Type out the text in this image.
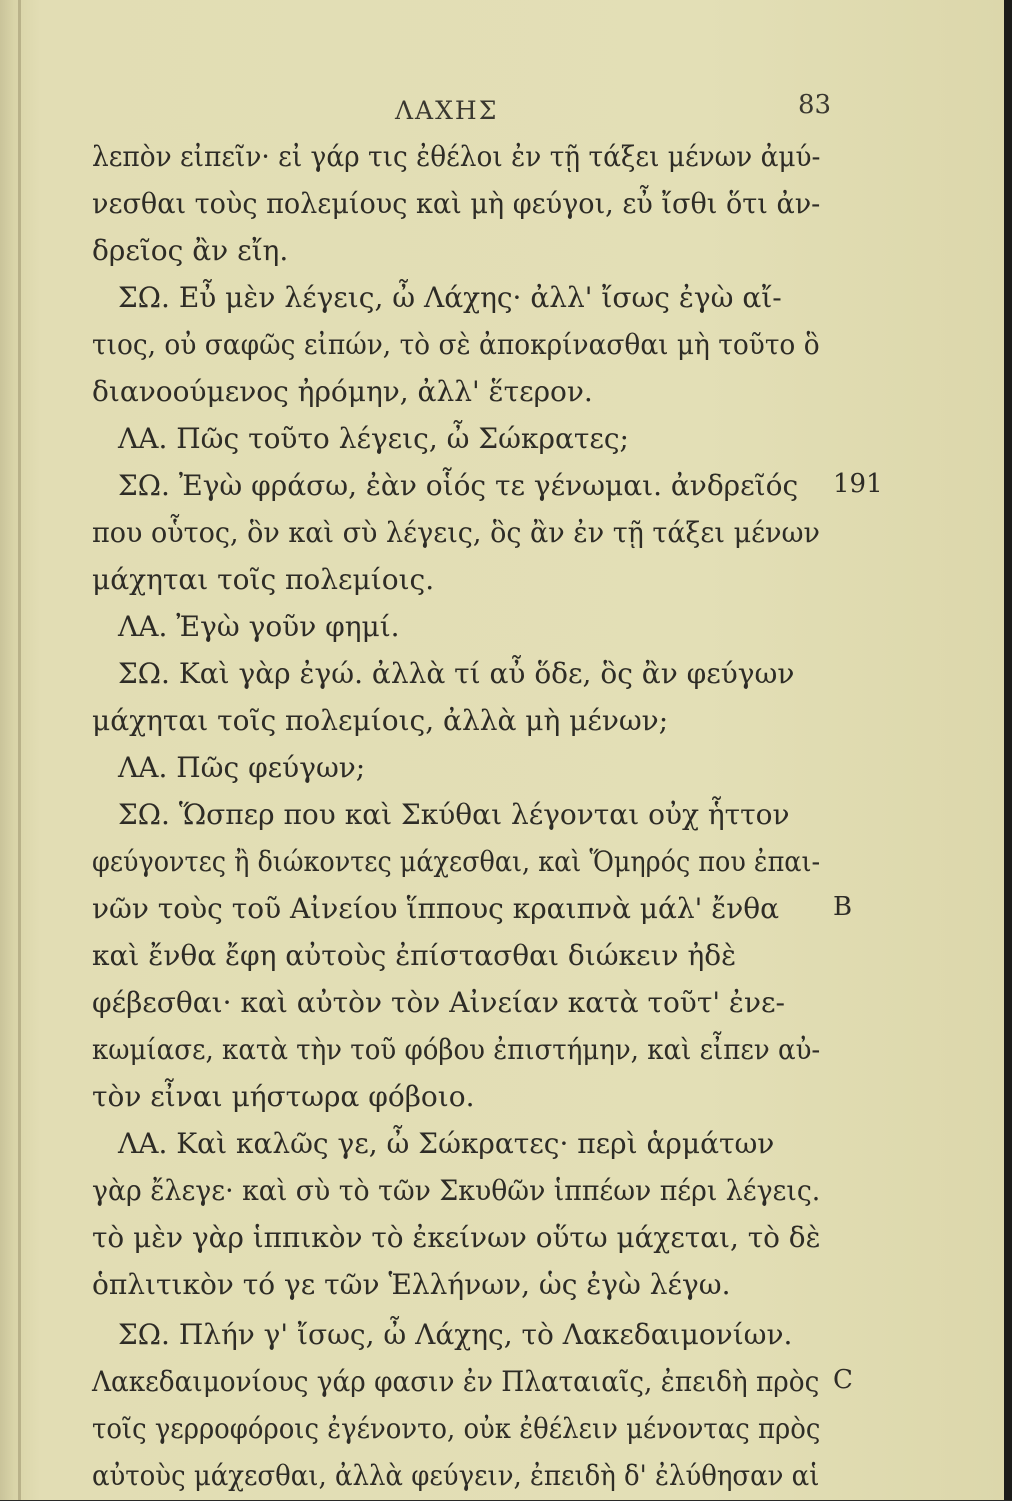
ΛΑΧΗΣ	83
λεπὸν εἰπεῖν· εἰ γάρ τις ἐθέλοι ἐν τῇ τάξει μένων ἀμύ-
νεσθαι τοὺς πολεμίους καὶ μὴ φεύγοι, εὖ ἴσθι ὅτι ἀν-
δρεῖος ἂν εἴη.
ΣΩ. Εὖ μὲν λέγεις, ὦ Λάχης· ἀλλ' ἴσως ἐγὼ αἴ-
τιος, οὐ σαφῶς εἰπών, τὸ σὲ ἀποκρίνασθαι μὴ τοῦτο ὃ
διανοούμενος ἠρόμην, ἀλλ' ἕτερον.
ΛΑ. Πῶς τοῦτο λέγεις, ὦ Σώκρατες;
ΣΩ. Ἐγὼ φράσω, ἐὰν οἷός τε γένωμαι. ἀνδρεῖός 191
που οὗτος, ὃν καὶ σὺ λέγεις, ὃς ἂν ἐν τῇ τάξει μένων
μάχηται τοῖς πολεμίοις.
ΛΑ. Ἐγὼ γοῦν φημί.
ΣΩ. Καὶ γὰρ ἐγώ. ἀλλὰ τί αὖ ὅδε, ὃς ἂν φεύγων
μάχηται τοῖς πολεμίοις, ἀλλὰ μὴ μένων;
ΛΑ. Πῶς φεύγων;
ΣΩ. Ὥσπερ που καὶ Σκύθαι λέγονται οὐχ ἧττον
φεύγοντες ἢ διώκοντες μάχεσθαι, καὶ Ὅμηρός που ἐπαι-
νῶν τοὺς τοῦ Αἰνείου ἵππους κραιπνὰ μάλ' ἔνθα B
καὶ ἔνθα ἔφη αὐτοὺς ἐπίστασθαι διώκειν ἠδὲ
φέβεσθαι· καὶ αὐτὸν τὸν Αἰνείαν κατὰ τοῦτ' ἐνε-
κωμίασε, κατὰ τὴν τοῦ φόβου ἐπιστήμην, καὶ εἶπεν αὐ-
τὸν εἶναι μήστωρα φόβοιο.
ΛΑ. Καὶ καλῶς γε, ὦ Σώκρατες· περὶ ἁρμάτων
γὰρ ἔλεγε· καὶ σὺ τὸ τῶν Σκυθῶν ἱππέων πέρι λέγεις.
τὸ μὲν γὰρ ἱππικὸν τὸ ἐκείνων οὕτω μάχεται, τὸ δὲ
ὁπλιτικὸν τό γε τῶν Ἑλλήνων, ὡς ἐγὼ λέγω.
ΣΩ. Πλήν γ' ἴσως, ὦ Λάχης, τὸ Λακεδαιμονίων.
Λακεδαιμονίους γάρ φασιν ἐν Πλαταιαῖς, ἐπειδὴ πρὸς C
τοῖς γερροφόροις ἐγένοντο, οὐκ ἐθέλειν μένοντας πρὸς
αὐτοὺς μάχεσθαι, ἀλλὰ φεύγειν, ἐπειδὴ δ' ἐλύθησαν αἱ
